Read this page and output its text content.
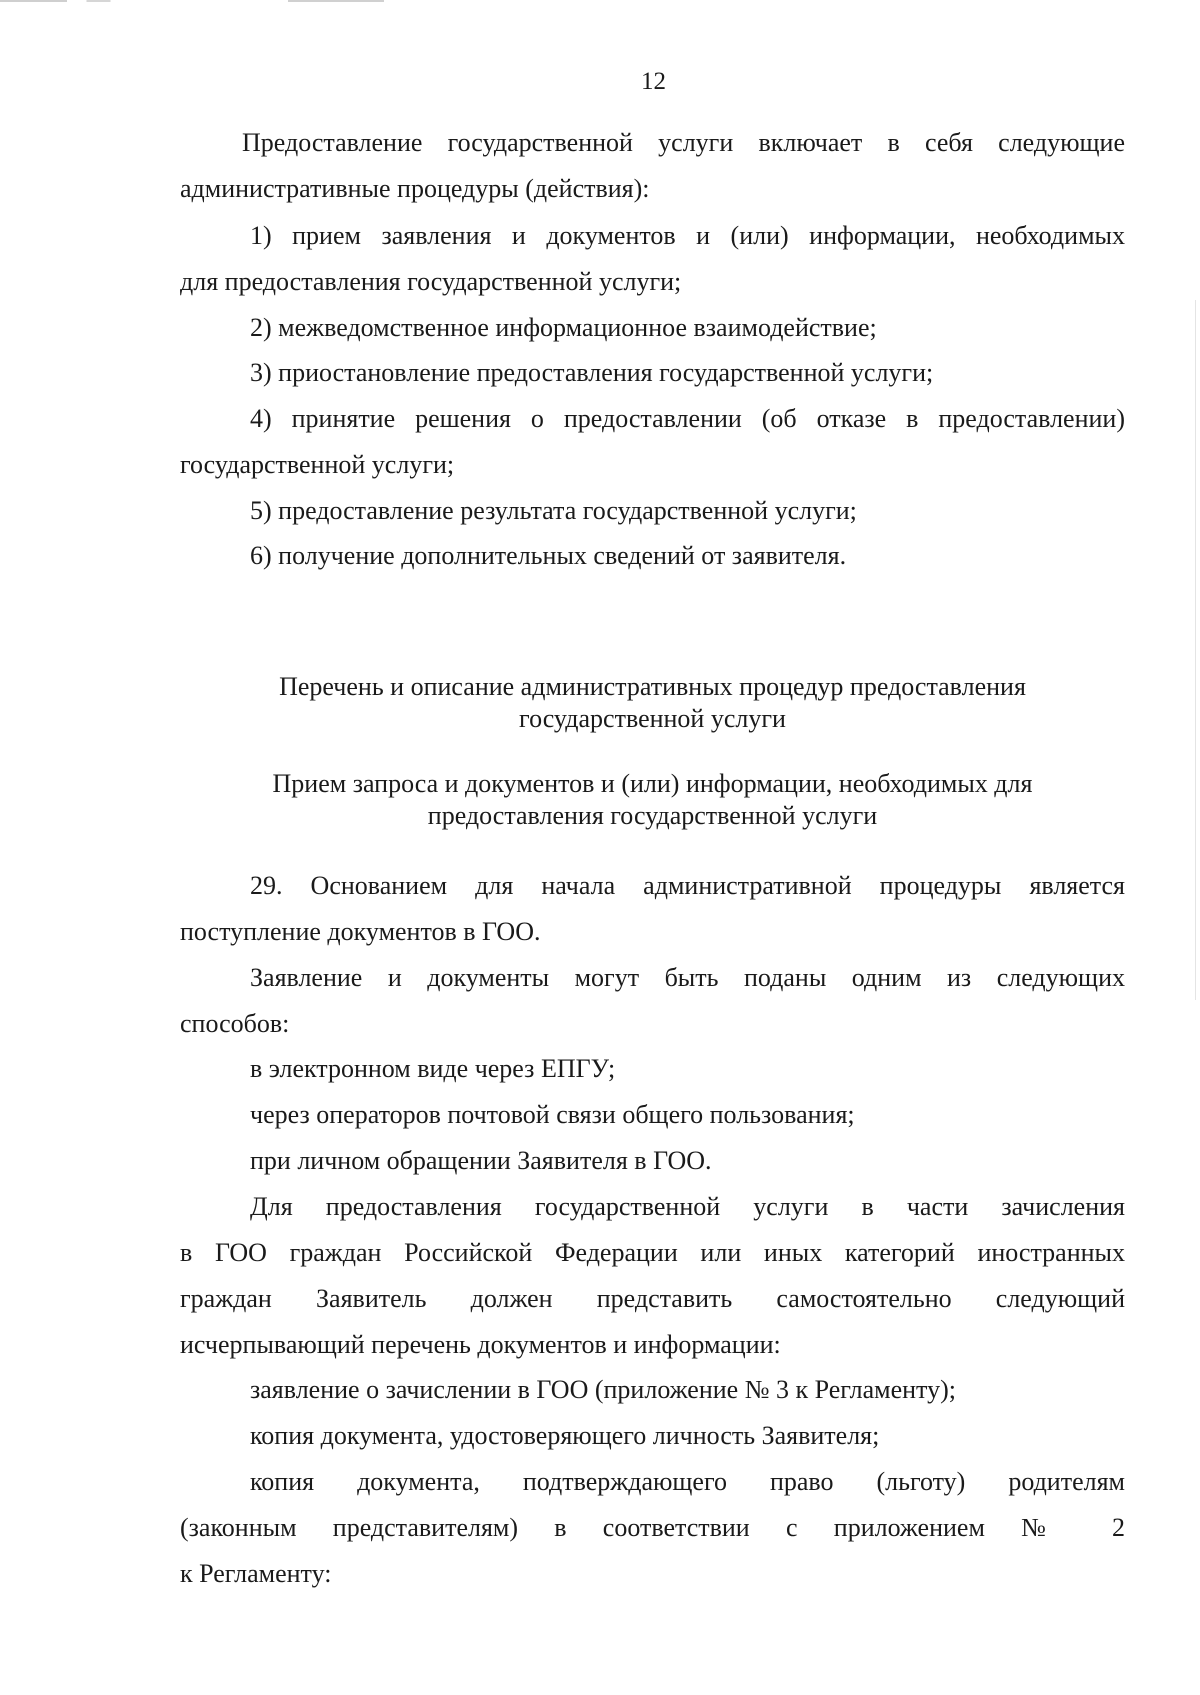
12

Предоставление государственной услуги включает в себя следующие

административные процедуры (действия):

1) прием заявления и документов и (или) информации, необходимых

для предоставления государственной услуги;

2) межведомственное информационное взаимодействие;

3) приостановление предоставления государственной услуги;

4) принятие решения о предоставлении (об отказе в предоставлении)

государственной услуги;

5) предоставление результата государственной услуги;

6) получение дополнительных сведений от заявителя.

Перечень и описание административных процедур предоставления
государственной услуги
Прием запроса и документов и (или) информации, необходимых для
предоставления государственной услуги

29. Основанием для начала административной процедуры является

поступление документов в ГОО.

Заявление и документы могут быть поданы одним из следующих

способов:

в электронном виде через ЕПГУ;

через операторов почтовой связи общего пользования;

при личном обращении Заявителя в ГОО.

Для предоставления государственной услуги в части зачисления

в ГОО граждан Российской Федерации или иных категорий иностранных

граждан Заявитель должен представить самостоятельно следующий

исчерпывающий перечень документов и информации:

заявление о зачислении в ГОО (приложение № 3 к Регламенту);

копия документа, удостоверяющего личность Заявителя;

копия документа, подтверждающего право (льготу) родителям

(законным представителям) в соответствии с приложением № 2

к Регламенту:
